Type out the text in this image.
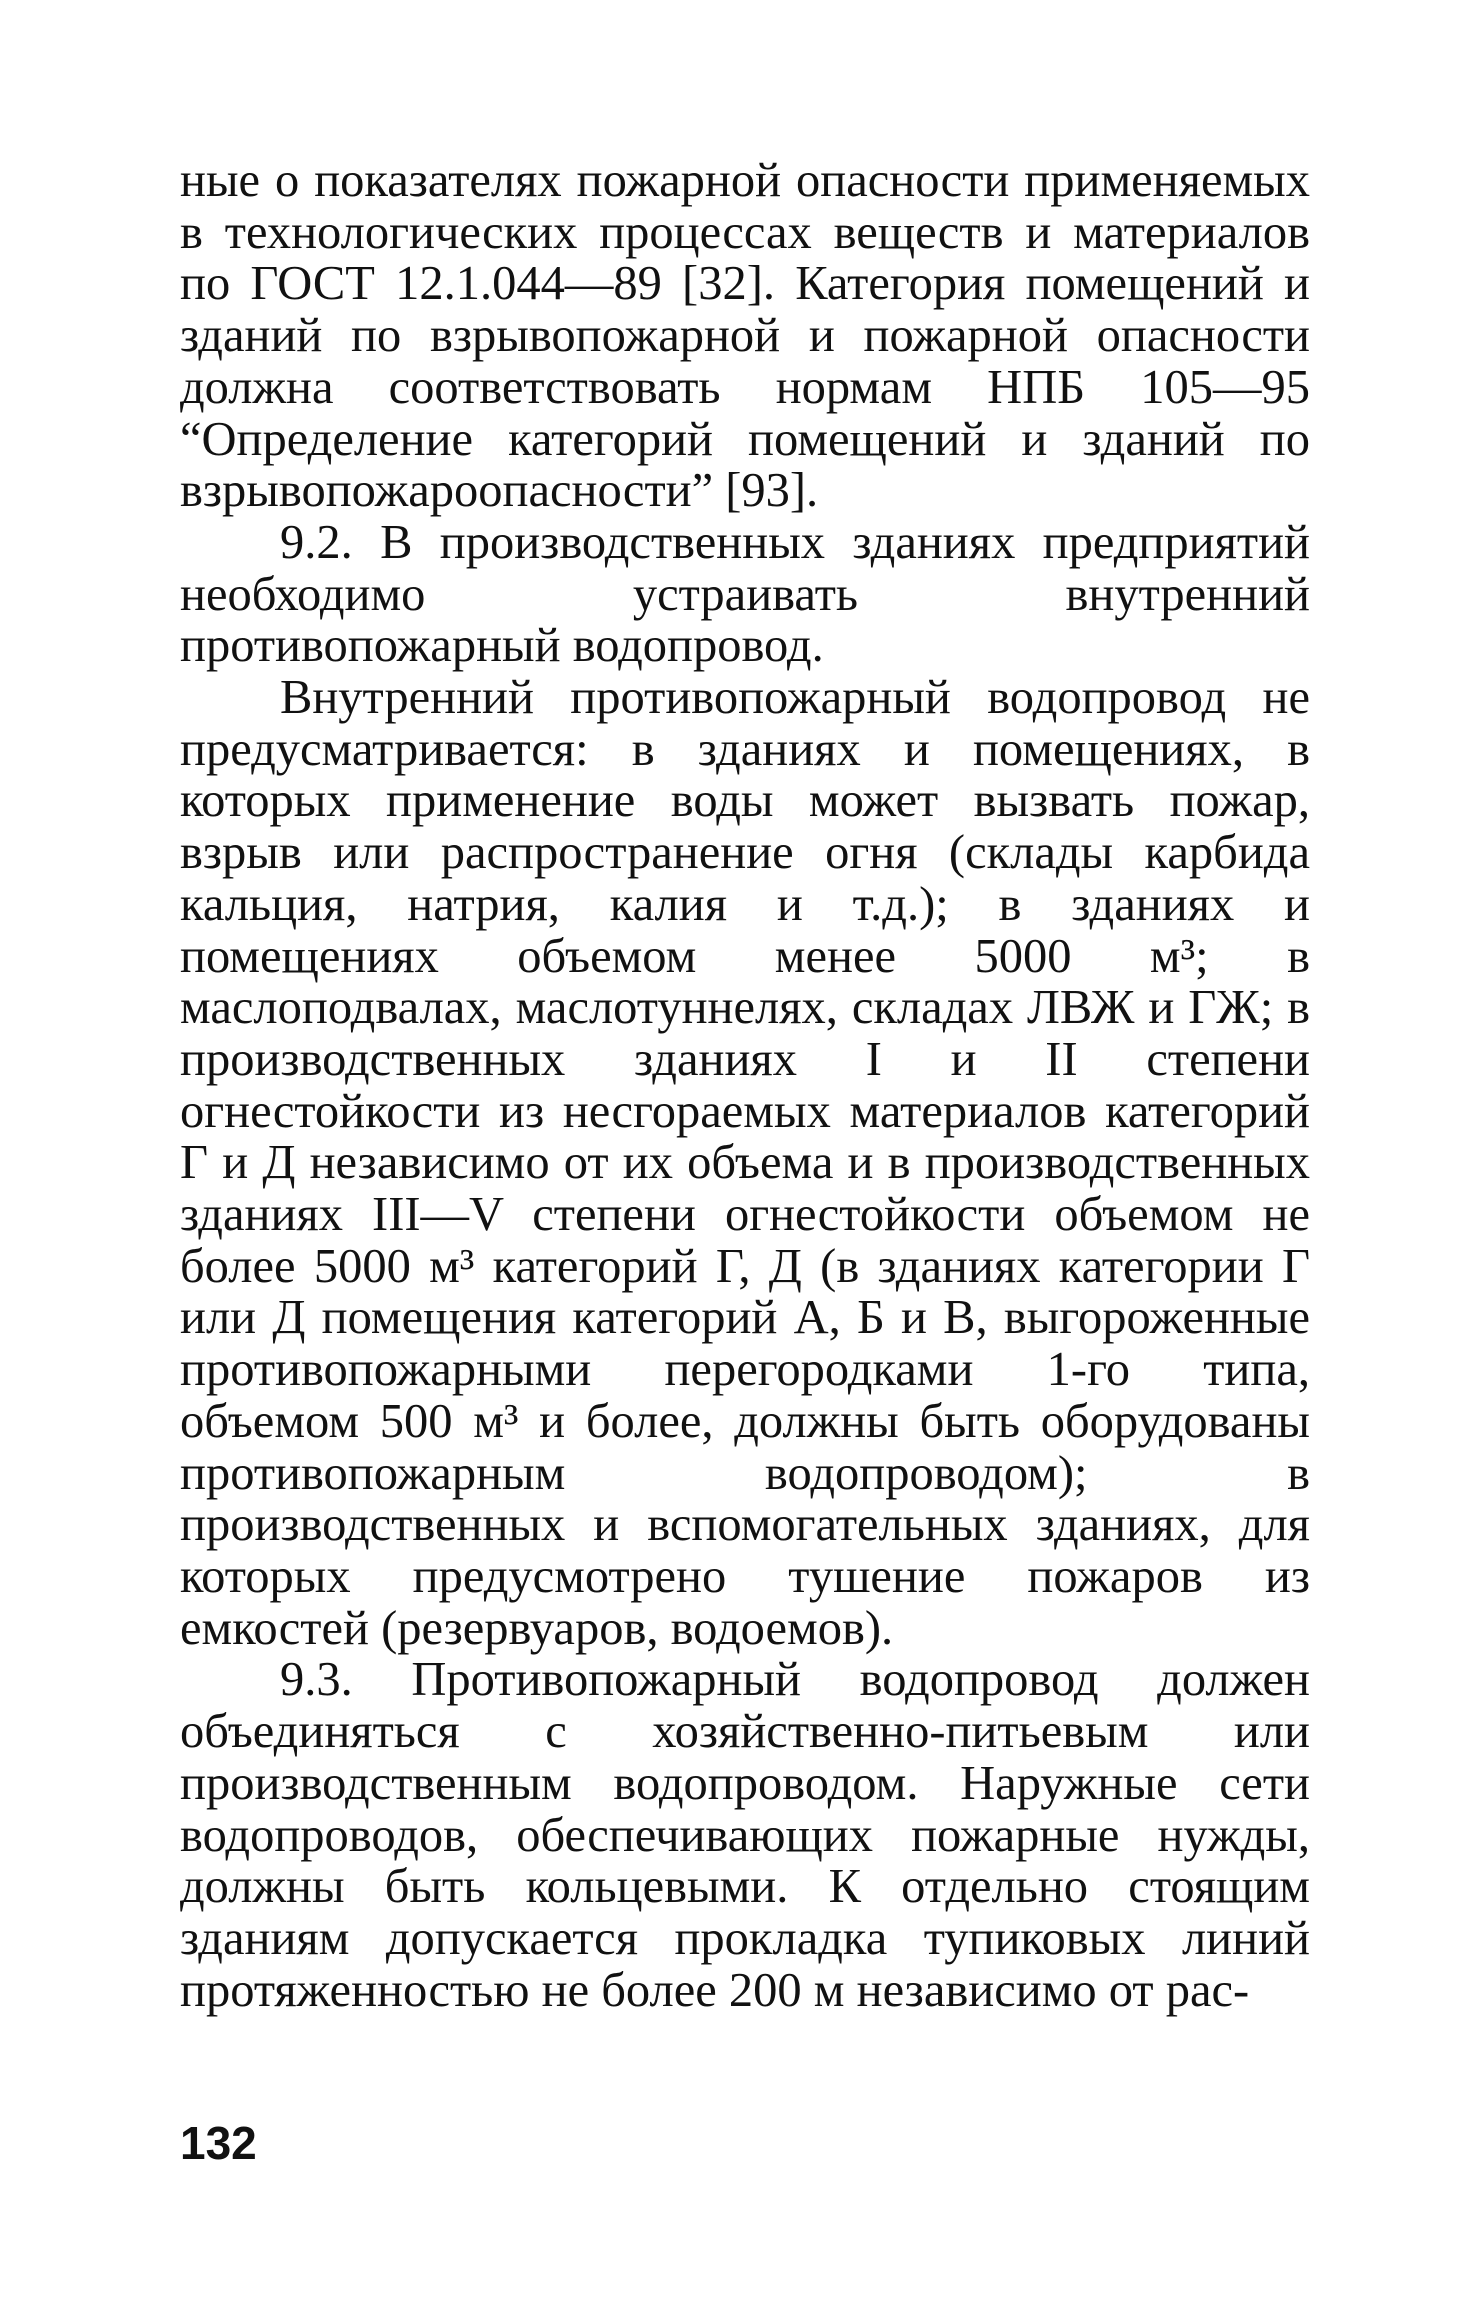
ные о показателях пожарной опасности применяемых в технологических процессах веществ и материалов по ГОСТ 12.1.044—89 [32]. Категория помещений и зданий по взрывопожарной и пожарной опасности должна соответствовать нормам НПБ 105—95 “Определение категорий помещений и зданий по взрывопожароопасности” [93].

9.2. В производственных зданиях предприятий необходимо устраивать внутренний противопожарный водопровод.

Внутренний противопожарный водопровод не предусматривается: в зданиях и помещениях, в которых применение воды может вызвать пожар, взрыв или распространение огня (склады карбида кальция, натрия, калия и т.д.); в зданиях и помещениях объемом менее 5000 м³; в маслоподвалах, маслотуннелях, складах ЛВЖ и ГЖ; в производственных зданиях I и II степени огнестойкости из несгораемых материалов категорий Г и Д независимо от их объема и в производственных зданиях III—V степени огнестойкости объемом не более 5000 м³ категорий Г, Д (в зданиях категории Г или Д помещения категорий А, Б и В, выгороженные противопожарными перегородками 1-го типа, объемом 500 м³ и более, должны быть оборудованы противопожарным водопроводом); в производственных и вспомогательных зданиях, для которых предусмотрено тушение пожаров из емкостей (резервуаров, водоемов).

9.3. Противопожарный водопровод должен объединяться с хозяйственно-питьевым или производственным водопроводом. Наружные сети водопроводов, обеспечивающих пожарные нужды, должны быть кольцевыми. К отдельно стоящим зданиям допускается прокладка тупиковых линий протяженностью не более 200 м независимо от рас-

132
